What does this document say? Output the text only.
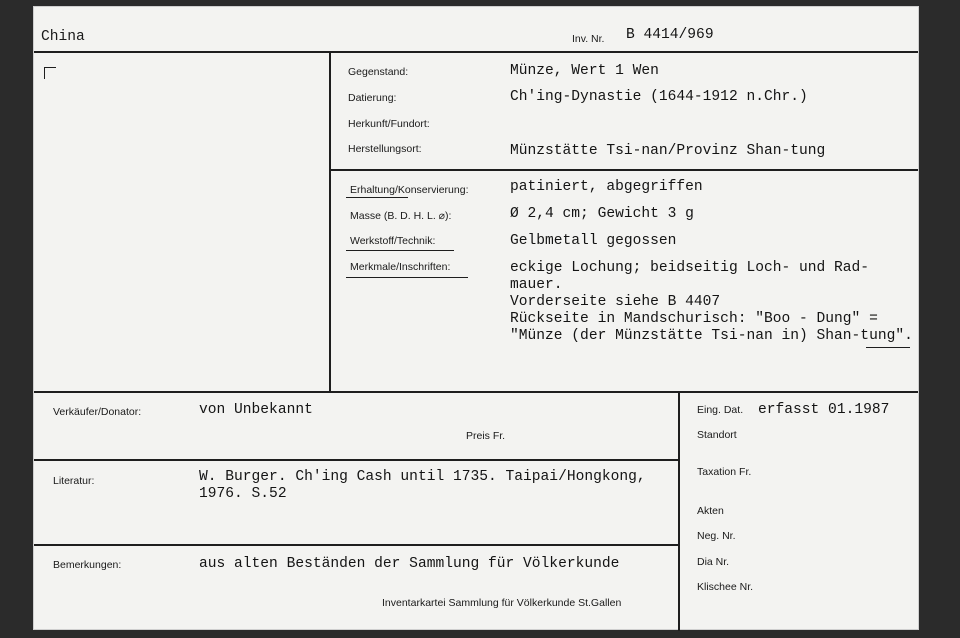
China	Inv. Nr. B 4414/969
Gegenstand:	Münze, Wert 1 Wen
Datierung:	Ch'ing-Dynastie (1644-1912 n.Chr.)
Herkunft/Fundort:
Herstellungsort:	Münzstätte Tsi-nan/Provinz Shan-tung
Erhaltung/Konservierung:	patiniert, abgegriffen
Masse (B. D. H. L. ⌀):	Ø 2,4 cm; Gewicht 3 g
Werkstoff/Technik:	Gelbmetall gegossen
Merkmale/Inschriften:	eckige Lochung; beidseitig Loch- und Rad-
mauer.
Vorderseite siehe B 4407
Rückseite in Mandschurisch: "Boo - Dung" =
"Münze (der Münzstätte Tsi-nan in) Shan-tung".
Verkäufer/Donator:	von Unbekannt
Preis Fr.
Literatur:	W. Burger. Ch'ing Cash until 1735. Taipai/Hongkong,
1976. S.52
Bemerkungen:	aus alten Beständen der Sammlung für Völkerkunde
Inventarkartei Sammlung für Völkerkunde St.Gallen
Eing. Dat. erfasst 01.1987
Standort
Taxation Fr.
Akten
Neg. Nr.
Dia Nr.
Klischee Nr.
